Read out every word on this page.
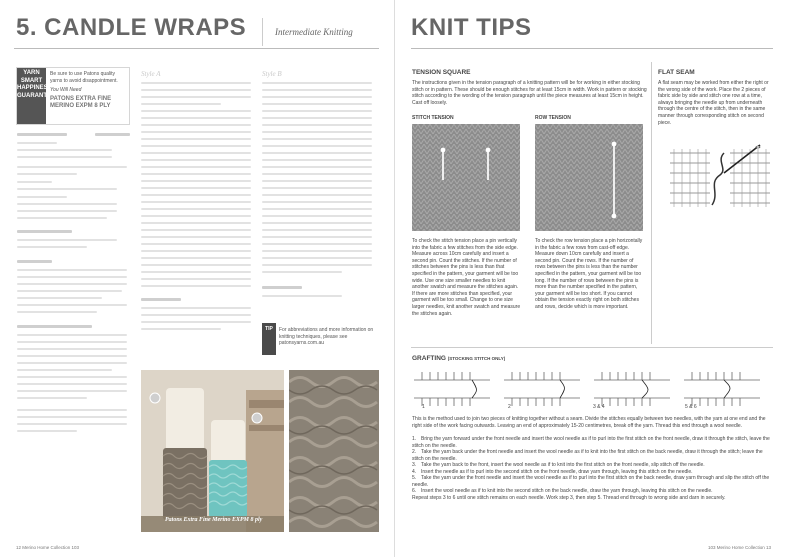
5. CANDLE WRAPS	Intermediate Knitting
YARN SMART HAPPINESS GUARANTEED
Be sure to use Patons quality yarns to avoid disappointment.
You Will Need
PATONS EXTRA FINE MERINO EXPM 8 PLY
Style A	Style B
TIP	For abbreviations and more information on knitting techniques, please see patonsyarns.com.au
Patons Extra Fine Merino EXPM 8 ply
12 Merino Home Collection 103
KNIT TIPS
TENSION SQUARE
The instructions given in the tension paragraph of a knitting pattern will be for working in either stocking stitch or in pattern. These should be enough stitches for at least 15cm in width. Work in pattern or stocking stitch according to the wording of the tension paragraph until the piece measures at least 15cm in height. Cast off loosely.
STITCH TENSION	ROW TENSION
To check the stitch tension place a pin vertically into the fabric a few stitches from the side edge. Measure across 10cm carefully and insert a second pin. Count the stitches. If the number of stitches between the pins is less than that specified in the pattern, your garment will be too wide. Use one size smaller needles to knit another swatch and measure the stitches again. If there are more stitches than specified, your garment will be too small. Change to one size larger needles, knit another swatch and measure the stitches again.
To check the row tension place a pin horizontally in the fabric a few rows from cast-off edge. Measure down 10cm carefully and insert a second pin. Count the rows. If the number of rows between the pins is less than the number specified in the pattern, your garment will be too long. If the number of rows between the pins is more than the number specified in the pattern, your garment will be too short. If you cannot obtain the tension exactly right on both stitches and rows, decide which is more important.
FLAT SEAM
A flat seam may be worked from either the right or the wrong side of the work. Place the 2 pieces of fabric side by side and stitch one row at a time, always bringing the needle up from underneath through the centre of the stitch, then in the same manner through corresponding stitch on second piece.
GRAFTING (STOCKING STITCH ONLY)
1	2	3 & 4	5 & 6
This is the method used to join two pieces of knitting together without a seam. Divide the stitches equally between two needles, with the yarn at one end and the right side of the work facing outwards. Leaving an end of approximately 15-20 centimetres, break off the yarn. Thread this end through a wool needle.

1. Bring the yarn forward under the front needle and insert the wool needle as if to purl into the first stitch on the front needle, draw it through the stitch, leave the stitch on the needle.

2. Take the yarn back under the front needle and insert the wool needle as if to knit into the first stitch on the back needle, draw it through the stitch; leave the stitch on the needle.

3. Take the yarn back to the front, insert the wool needle as if to knit into the first stitch on the front needle, slip stitch off the needle.

4. Insert the needle as if to purl into the second stitch on the front needle, draw yarn through, leaving this stitch on the needle.

5. Take the yarn under the front needle and insert the wool needle as if to purl into the first stitch on the back needle, draw yarn through and slip the stitch off the needle.

6. Insert the wool needle as if to knit into the second stitch on the back needle, draw the yarn through, leaving this stitch on the needle.

Repeat steps 3 to 6 until one stitch remains on each needle. Work step 3, then step 5. Thread end through to wrong side and darn in securely.

103 Merino Home Collection 13
